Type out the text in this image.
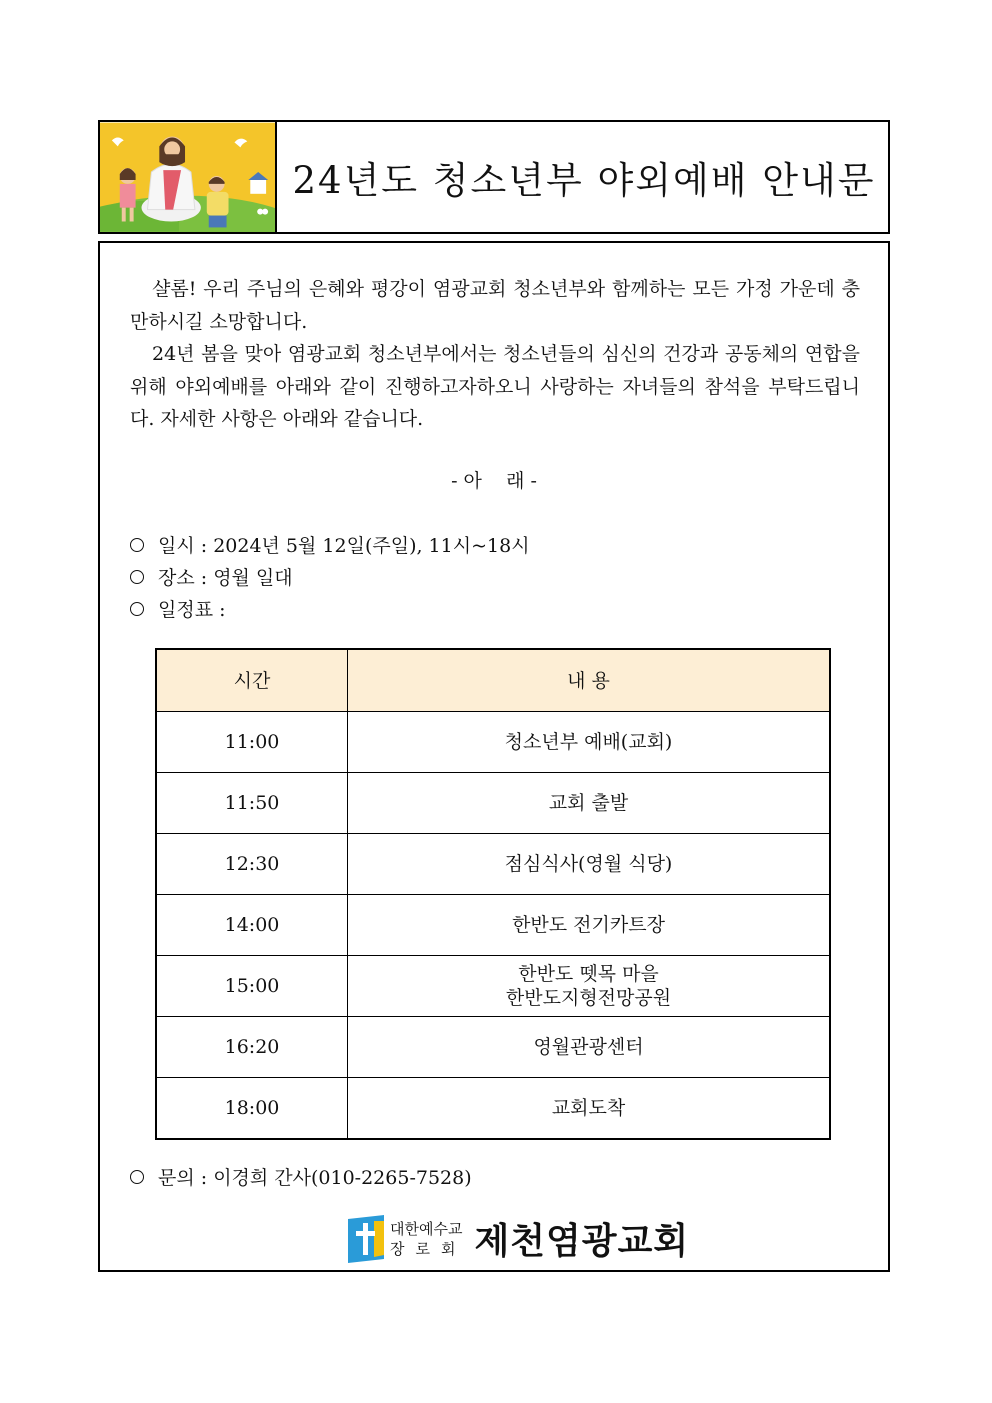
24년도 청소년부 야외예배 안내문

샬롬! 우리 주님의 은혜와 평강이 염광교회 청소년부와 함께하는 모든 가정 가운데 충만하시길 소망합니다.

24년 봄을 맞아 염광교회 청소년부에서는 청소년들의 심신의 건강과 공동체의 연합을 위해 야외예배를 아래와 같이 진행하고자하오니 사랑하는 자녀들의 참석을 부탁드립니다. 자세한 사항은 아래와 같습니다.

- 아    래 -
일시 : 2024년 5월 12일(주일), 11시~18시
장소 : 영월 일대
일정표 :
시간	내 용
11:00	청소년부 예배(교회)
11:50	교회 출발
12:30	점심식사(영월 식당)
14:00	한반도 전기카트장
15:00	한반도 뗏목 마을
한반도지형전망공원

16:20	영월관광센터
18:00	교회도착
문의 : 이경희 간사(010-2265-7528)
대한예수교
장로회 제천염광교회
